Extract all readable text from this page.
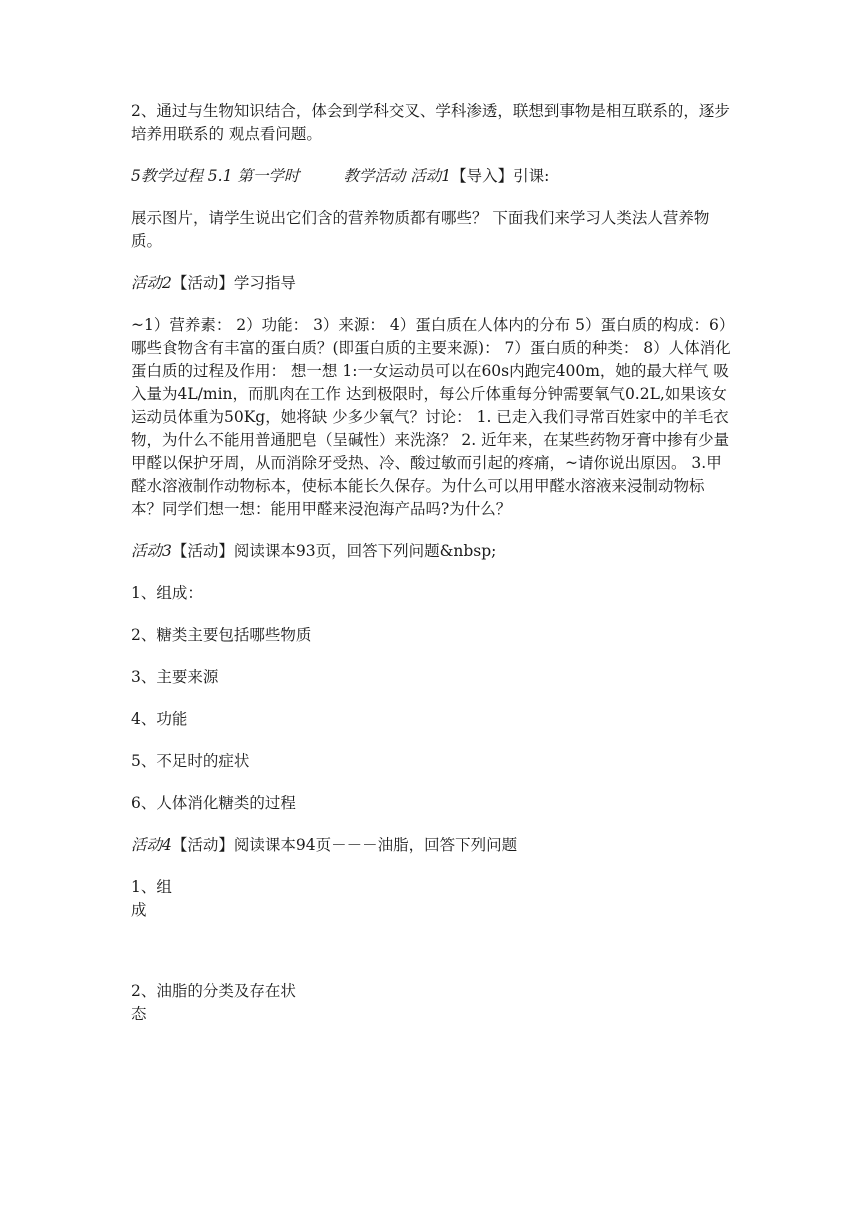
2、通过与生物知识结合，体会到学科交叉、学科渗透，联想到事物是相互联系的，逐步培养用联系的 观点看问题。

5教学过程 5.1 第一学时	教学活动 活动1【导入】引课:

展示图片，请学生说出它们含的营养物质都有哪些？ 下面我们来学习人类法人营养物质。

活动2【活动】学习指导

~1）营养素： 2）功能： 3）来源： 4）蛋白质在人体内的分布 5）蛋白质的构成：6）哪些食物含有丰富的蛋白质？(即蛋白质的主要来源)： 7）蛋白质的种类： 8）人体消化蛋白质的过程及作用： 想一想 1:一女运动员可以在60s内跑完400m，她的最大样气 吸入量为4L/min，而肌肉在工作 达到极限时，每公斤体重每分钟需要氧气0.2L,如果该女运动员体重为50Kg，她将缺 少多少氧气？讨论： 1. 已走入我们寻常百姓家中的羊毛衣物，为什么不能用普通肥皂（呈碱性）来洗涤？ 2. 近年来，在某些药物牙膏中掺有少量甲醛以保护牙周，从而消除牙受热、冷、酸过敏而引起的疼痛，~请你说出原因。 3.甲醛水溶液制作动物标本，使标本能长久保存。为什么可以用甲醛水溶液来浸制动物标本？同学们想一想：能用甲醛来浸泡海产品吗?为什么？

活动3【活动】阅读课本93页，回答下列问题&nbsp;

1、组成：

2、糖类主要包括哪些物质

3、主要来源

4、功能

5、不足时的症状

6、人体消化糖类的过程

活动4【活动】阅读课本94页－－－油脂，回答下列问题

1、组

成

2、油脂的分类及存在状

态
